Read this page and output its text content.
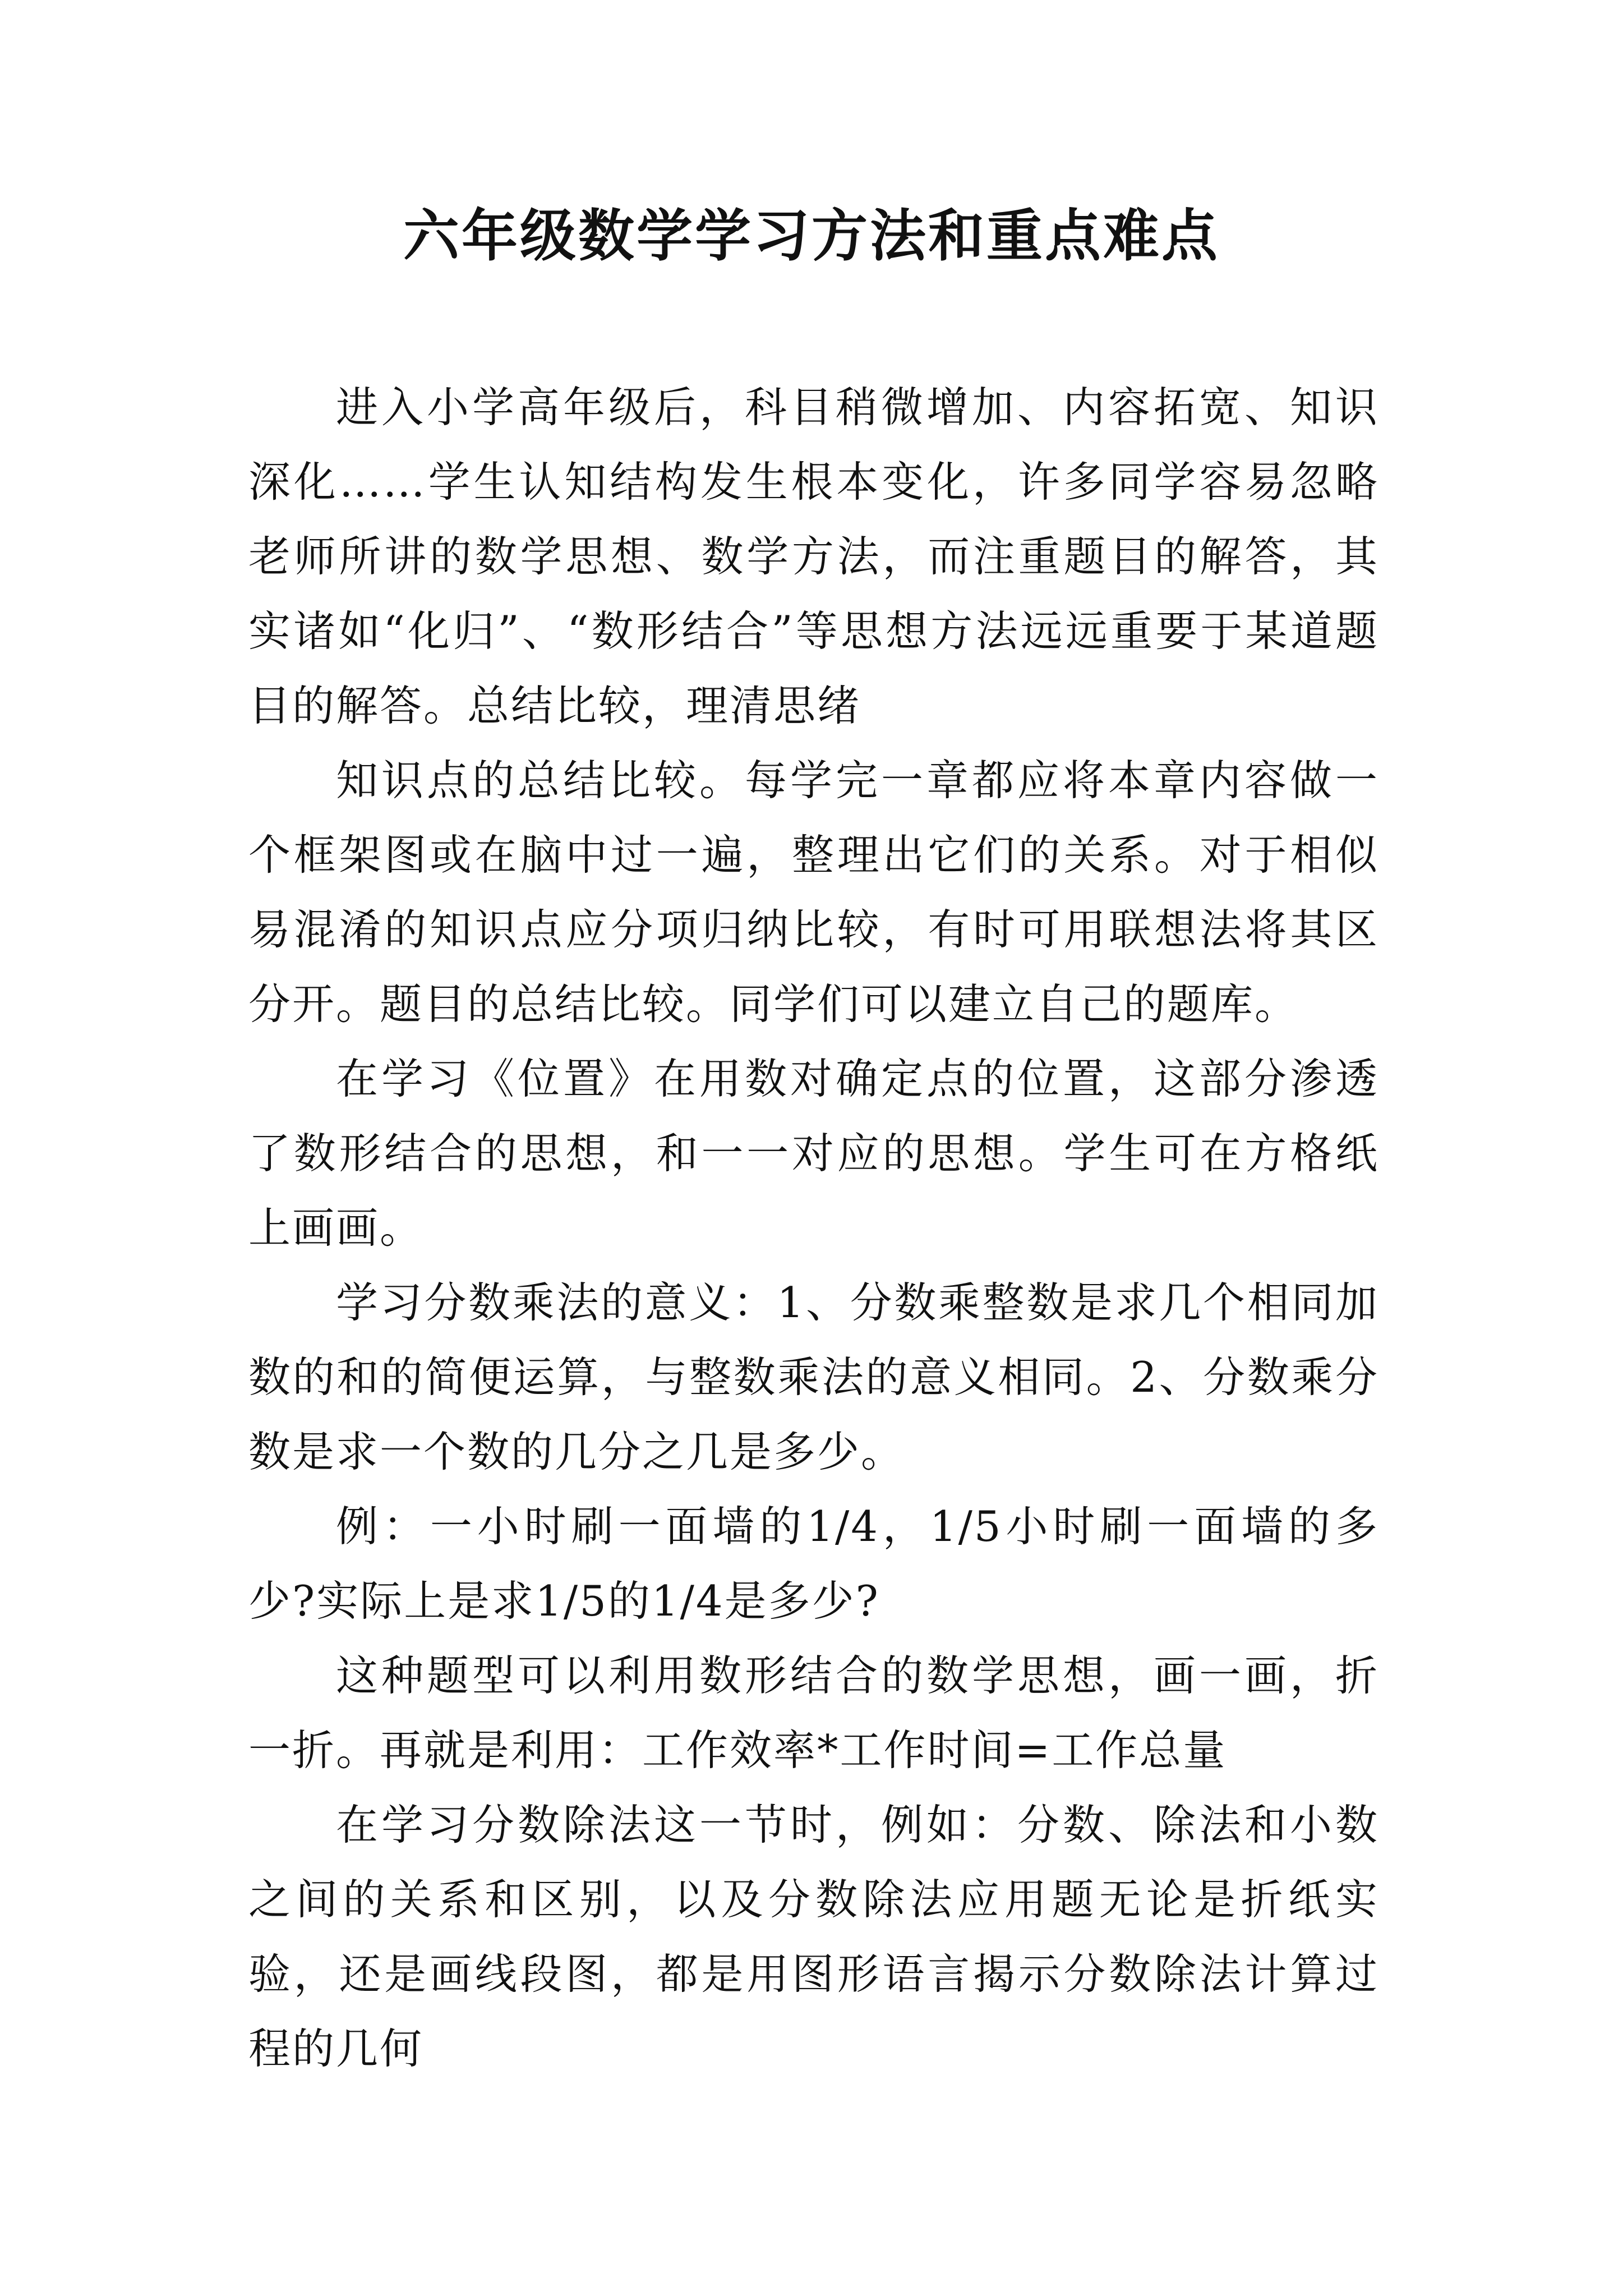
六年级数学学习方法和重点难点

进入小学高年级后，科目稍微增加、内容拓宽、知识深化……学生认知结构发生根本变化，许多同学容易忽略老师所讲的数学思想、数学方法，而注重题目的解答，其实诸如“化归”、“数形结合”等思想方法远远重要于某道题目的解答。总结比较，理清思绪

知识点的总结比较。每学完一章都应将本章内容做一个框架图或在脑中过一遍，整理出它们的关系。对于相似易混淆的知识点应分项归纳比较，有时可用联想法将其区分开。题目的总结比较。同学们可以建立自己的题库。

在学习《位置》在用数对确定点的位置，这部分渗透了数形结合的思想，和一一对应的思想。学生可在方格纸上画画。

学习分数乘法的意义：1、分数乘整数是求几个相同加数的和的简便运算，与整数乘法的意义相同。2、分数乘分数是求一个数的几分之几是多少。

例：一小时刷一面墙的1/4，1/5小时刷一面墙的多少?实际上是求1/5的1/4是多少?

这种题型可以利用数形结合的数学思想，画一画，折一折。再就是利用：工作效率*工作时间=工作总量

在学习分数除法这一节时，例如：分数、除法和小数之间的关系和区别，以及分数除法应用题无论是折纸实验，还是画线段图，都是用图形语言揭示分数除法计算过程的几何
